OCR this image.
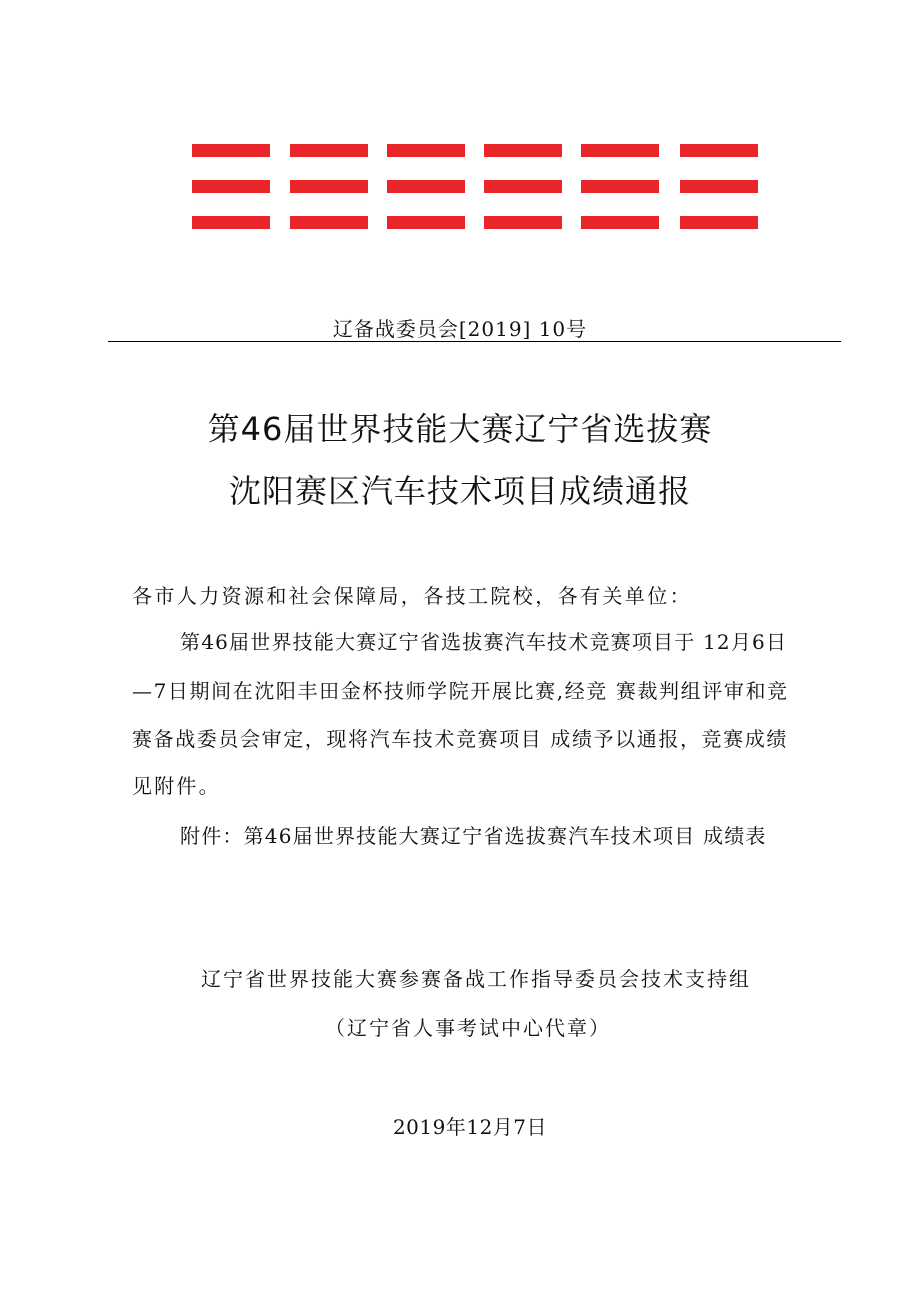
辽备战委员会[2019] 10号
第46届世界技能大赛辽宁省选拔赛
沈阳赛区汽车技术项目成绩通报
各市人力资源和社会保障局，各技工院校，各有关单位：
第46届世界技能大赛辽宁省选拔赛汽车技术竞赛项目于 12月6日
—7日期间在沈阳丰田金杯技师学院开展比赛,经竞 赛裁判组评审和竞
赛备战委员会审定，现将汽车技术竞赛项目 成绩予以通报，竞赛成绩
见附件。
附件：第46届世界技能大赛辽宁省选拔赛汽车技术项目 成绩表
辽宁省世界技能大赛参赛备战工作指导委员会技术支持组
（辽宁省人事考试中心代章）
2019年12月7日
